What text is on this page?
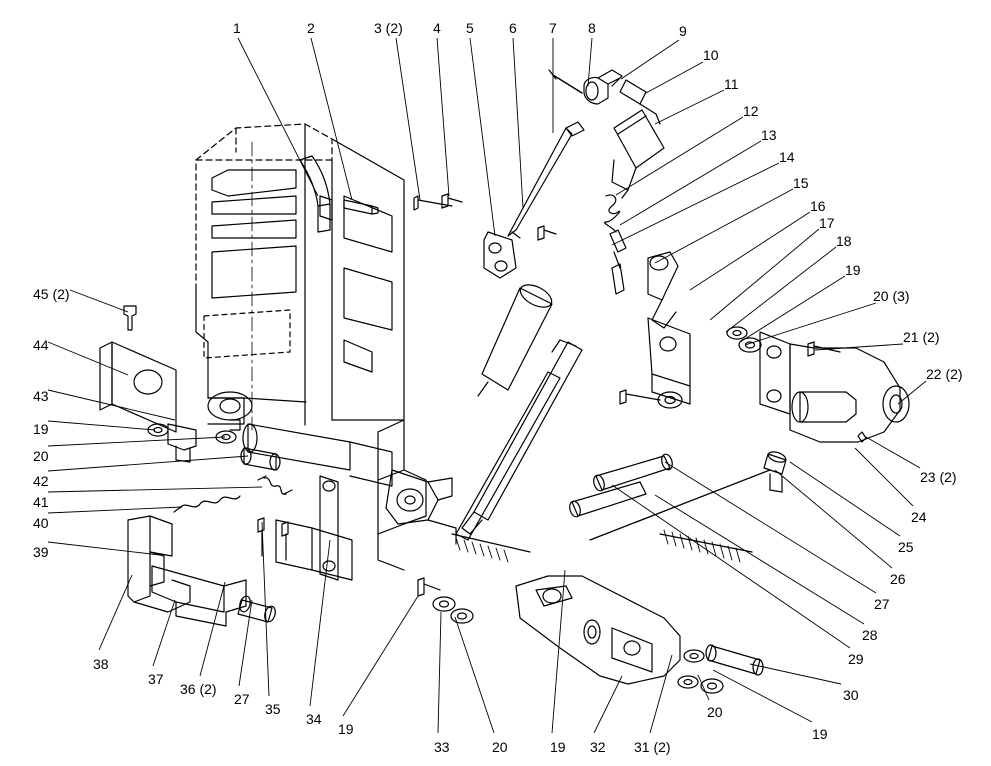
1	2	3 (2) 4 5	6 7 8	9
10
11
12
13
14
15
16
17
18
19
20 (3)
21 (2)
22 (2)
23 (2)
24
25
26
27
28
29
30
19
20
31 (2)
32
19
20
33
19
34
35
27
36 (2)
37
38
39
40
41
42
20
19
43
44
45 (2)
